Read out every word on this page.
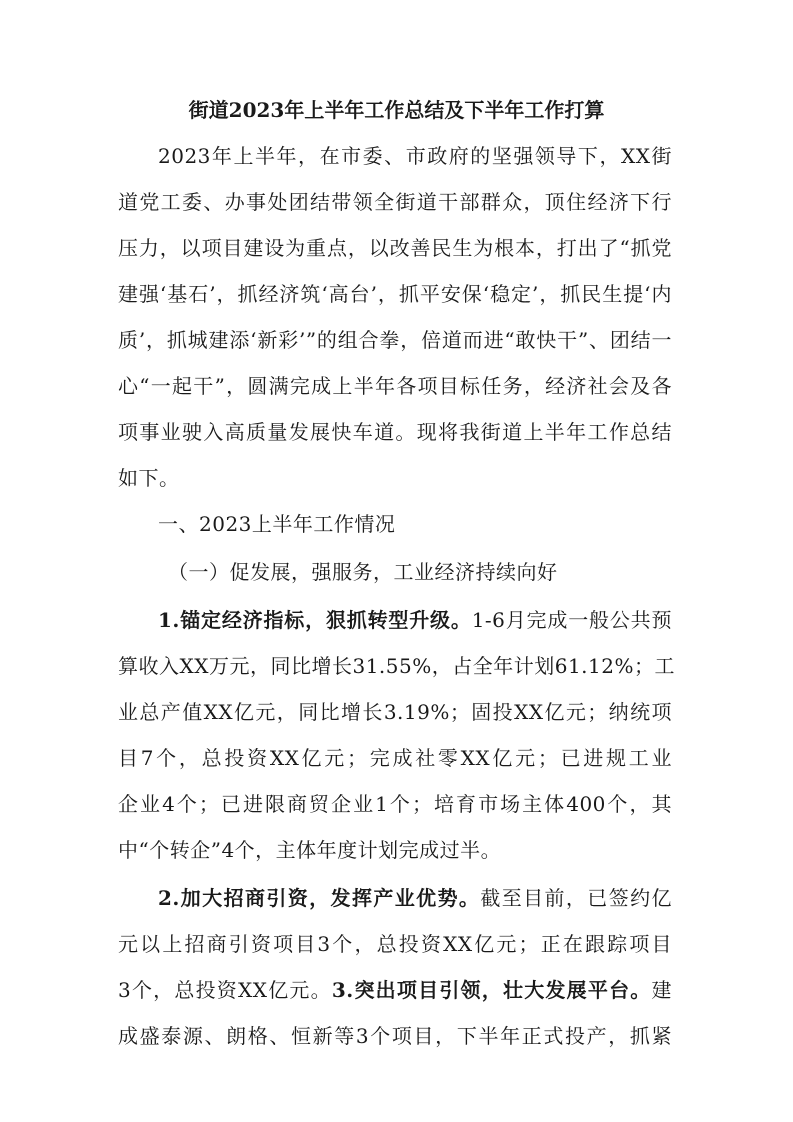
街道2023年上半年工作总结及下半年工作打算
2023年上半年，在市委、市政府的坚强领导下，XX街
道党工委、办事处团结带领全街道干部群众，顶住经济下行
压力，以项目建设为重点，以改善民生为根本，打出了“抓党
建强‘基石’，抓经济筑‘高台’，抓平安保‘稳定’，抓民生提‘内
质’，抓城建添‘新彩’”的组合拳，倍道而进“敢快干”、团结一
心“一起干”，圆满完成上半年各项目标任务，经济社会及各
项事业驶入高质量发展快车道。现将我街道上半年工作总结
如下。
一、2023上半年工作情况
（一）促发展，强服务，工业经济持续向好
1.锚定经济指标，狠抓转型升级。1-6月完成一般公共预
算收入XX万元，同比增长31.55%，占全年计划61.12%；工
业总产值XX亿元，同比增长3.19%；固投XX亿元；纳统项
目7个，总投资XX亿元；完成社零XX亿元；已进规工业
企业4个；已进限商贸企业1个；培育市场主体400个，其
中“个转企”4个，主体年度计划完成过半。
2.加大招商引资，发挥产业优势。截至目前，已签约亿
元以上招商引资项目3个，总投资XX亿元；正在跟踪项目
3个，总投资XX亿元。3.突出项目引领，壮大发展平台。建
成盛泰源、朗格、恒新等3个项目，下半年正式投产，抓紧
